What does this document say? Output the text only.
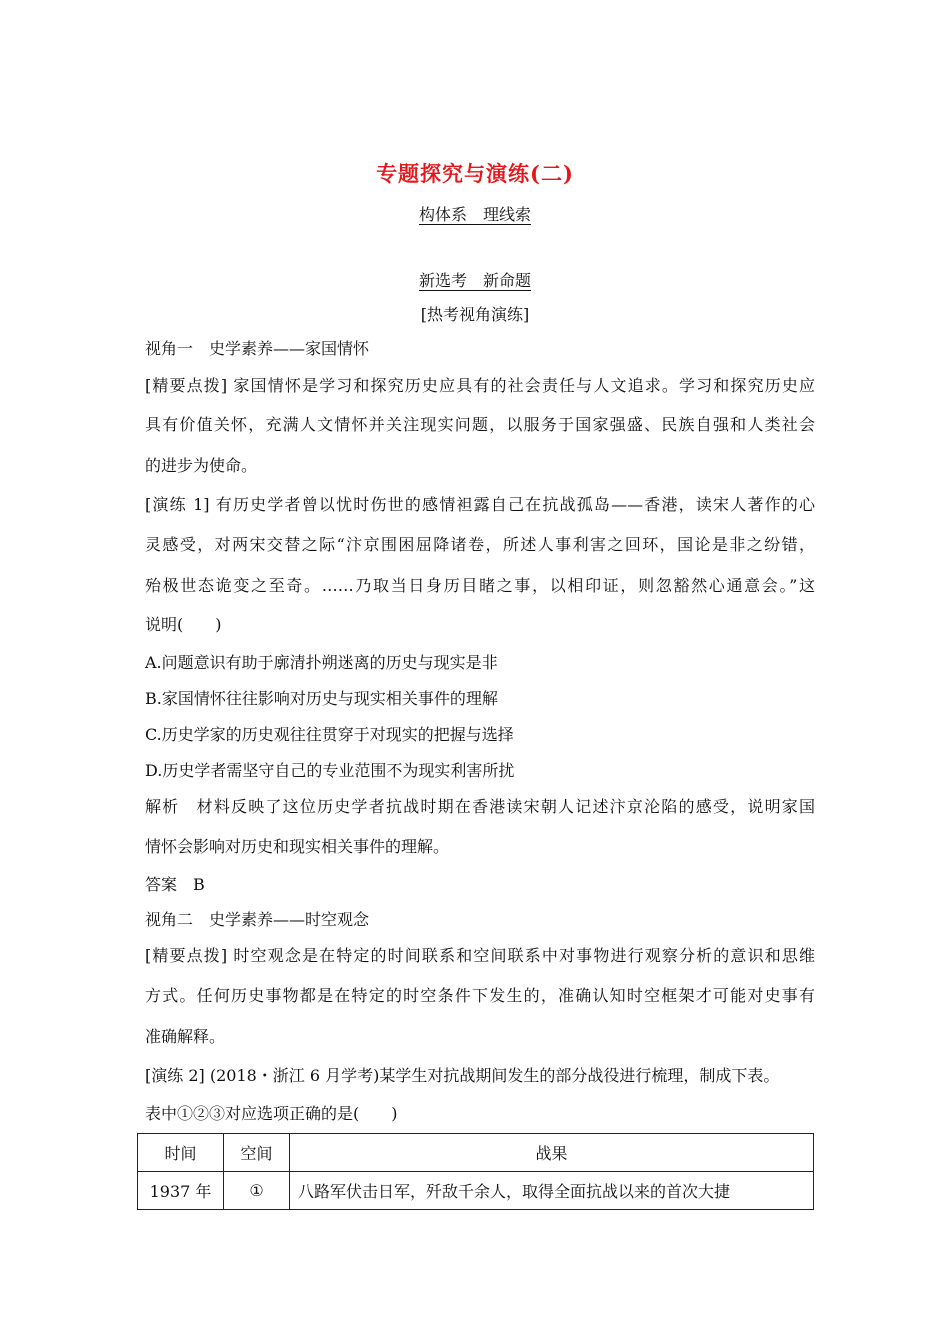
专题探究与演练(二)
构体系　理线索
新选考　新命题
[热考视角演练]
视角一　史学素养——家国情怀
[精要点拨] 家国情怀是学习和探究历史应具有的社会责任与人文追求。学习和探究历史应
具有价值关怀，充满人文情怀并关注现实问题，以服务于国家强盛、民族自强和人类社会
的进步为使命。
[演练 1] 有历史学者曾以忧时伤世的感情袒露自己在抗战孤岛——香港，读宋人著作的心
灵感受，对两宋交替之际“汴京围困屈降诸卷，所述人事利害之回环，国论是非之纷错，
殆极世态诡变之至奇。……乃取当日身历目睹之事，以相印证，则忽豁然心通意会。”这
说明(　　)
A.问题意识有助于廓清扑朔迷离的历史与现实是非
B.家国情怀往往影响对历史与现实相关事件的理解
C.历史学家的历史观往往贯穿于对现实的把握与选择
D.历史学者需坚守自己的专业范围不为现实利害所扰
解析　材料反映了这位历史学者抗战时期在香港读宋朝人记述汴京沦陷的感受，说明家国
情怀会影响对历史和现实相关事件的理解。
答案　B
视角二　史学素养——时空观念
[精要点拨] 时空观念是在特定的时间联系和空间联系中对事物进行观察分析的意识和思维
方式。任何历史事物都是在特定的时空条件下发生的，准确认知时空框架才可能对史事有
准确解释。
[演练 2] (2018・浙江 6 月学考)某学生对抗战期间发生的部分战役进行梳理，制成下表。
表中①②③对应选项正确的是(　　)
时间	空间	战果
1937 年	①	八路军伏击日军，歼敌千余人，取得全面抗战以来的首次大捷
